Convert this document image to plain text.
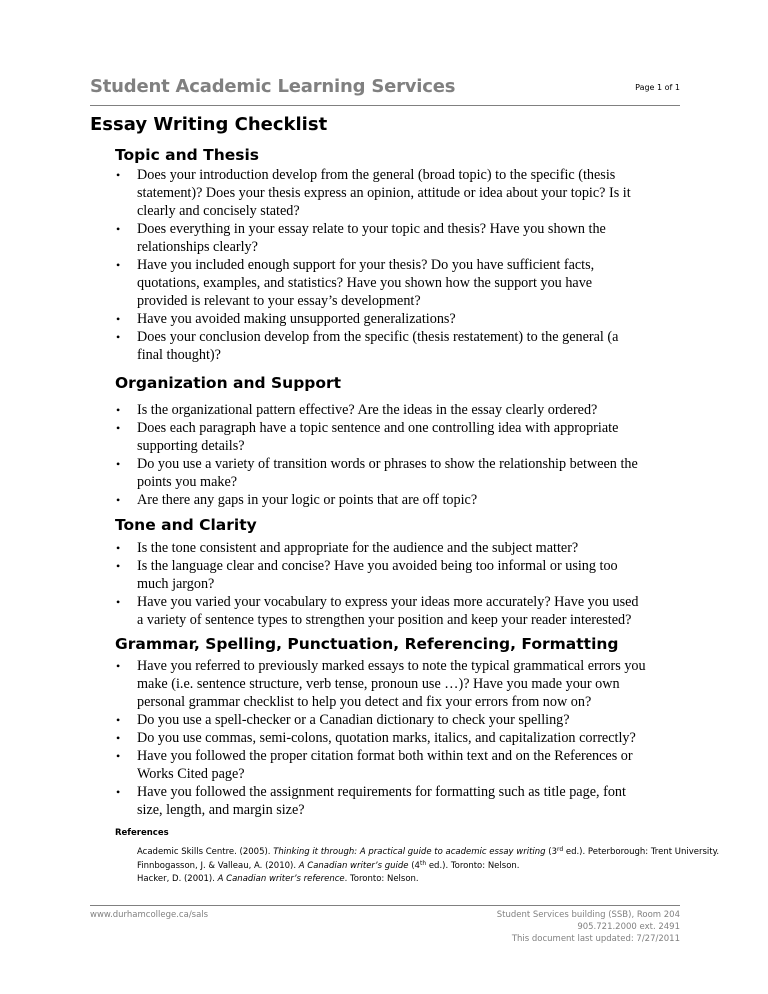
Student Academic Learning Services	Page 1 of 1
Essay Writing Checklist
Topic and Thesis
• Does your introduction develop from the general (broad topic) to the specific (thesis
statement)? Does your thesis express an opinion, attitude or idea about your topic? Is it
clearly and concisely stated?
• Does everything in your essay relate to your topic and thesis? Have you shown the
relationships clearly?
• Have you included enough support for your thesis? Do you have sufficient facts,
quotations, examples, and statistics? Have you shown how the support you have
provided is relevant to your essay’s development?
• Have you avoided making unsupported generalizations?
• Does your conclusion develop from the specific (thesis restatement) to the general (a
final thought)?
Organization and Support
• Is the organizational pattern effective? Are the ideas in the essay clearly ordered?
• Does each paragraph have a topic sentence and one controlling idea with appropriate
supporting details?
• Do you use a variety of transition words or phrases to show the relationship between the
points you make?
• Are there any gaps in your logic or points that are off topic?
Tone and Clarity
• Is the tone consistent and appropriate for the audience and the subject matter?
• Is the language clear and concise? Have you avoided being too informal or using too
much jargon?
• Have you varied your vocabulary to express your ideas more accurately? Have you used
a variety of sentence types to strengthen your position and keep your reader interested?
Grammar, Spelling, Punctuation, Referencing, Formatting
• Have you referred to previously marked essays to note the typical grammatical errors you
make (i.e. sentence structure, verb tense, pronoun use …)? Have you made your own
personal grammar checklist to help you detect and fix your errors from now on?
• Do you use a spell-checker or a Canadian dictionary to check your spelling?
• Do you use commas, semi-colons, quotation marks, italics, and capitalization correctly?
• Have you followed the proper citation format both within text and on the References or
Works Cited page?
• Have you followed the assignment requirements for formatting such as title page, font
size, length, and margin size?
References
Academic Skills Centre. (2005). Thinking it through: A practical guide to academic essay writing (3rd ed.). Peterborough: Trent University.
Finnbogasson, J. & Valleau, A. (2010). A Canadian writer’s guide (4th ed.). Toronto: Nelson.
Hacker, D. (2001). A Canadian writer’s reference. Toronto: Nelson.
www.durhamcollege.ca/sals	Student Services building (SSB), Room 204
905.721.2000 ext. 2491
This document last updated: 7/27/2011
